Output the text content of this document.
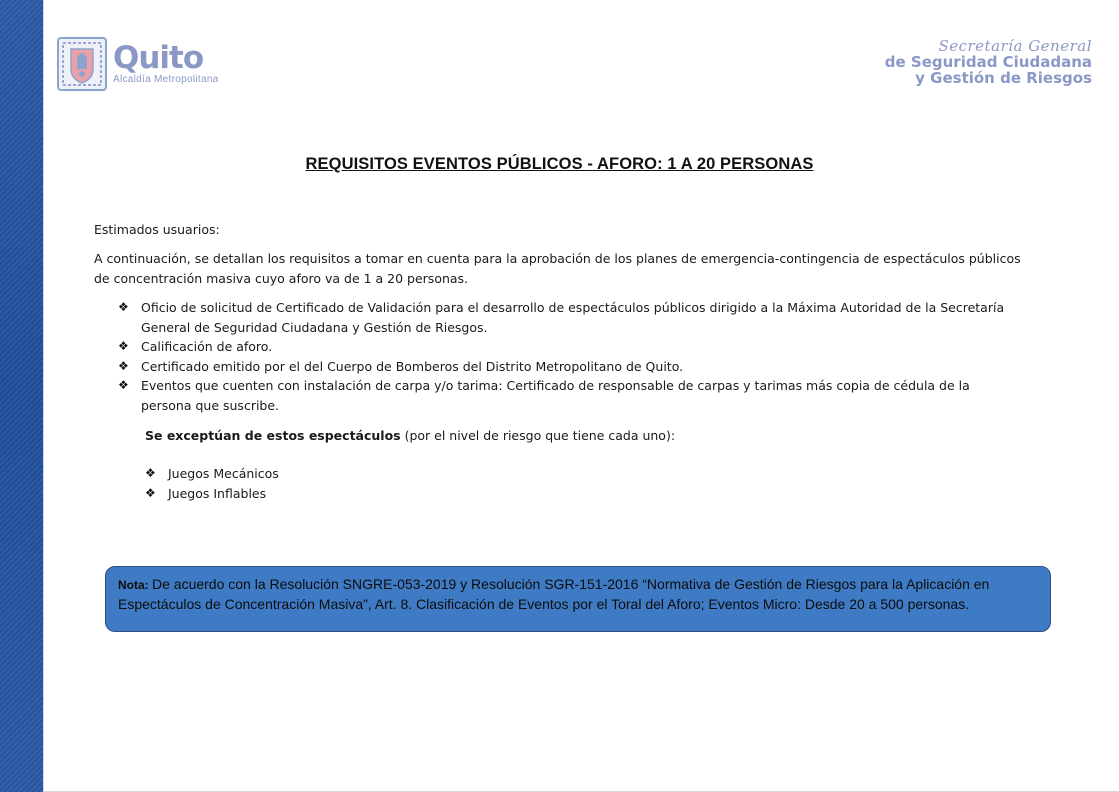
Quito
Alcaldía Metropolitana
Secretaría General
de Seguridad Ciudadana
y Gestión de Riesgos
REQUISITOS EVENTOS PÚBLICOS - AFORO: 1 A 20 PERSONAS
Estimados usuarios:
A continuación, se detallan los requisitos a tomar en cuenta para la aprobación de los planes de emergencia-contingencia de espectáculos públicos de concentración masiva cuyo aforo va de 1 a 20 personas.
❖ Oficio de solicitud de Certificado de Validación para el desarrollo de espectáculos públicos dirigido a la Máxima Autoridad de la Secretaría General de Seguridad Ciudadana y Gestión de Riesgos.
❖ Calificación de aforo.
❖ Certificado emitido por el del Cuerpo de Bomberos del Distrito Metropolitano de Quito.
❖ Eventos que cuenten con instalación de carpa y/o tarima: Certificado de responsable de carpas y tarimas más copia de cédula de la persona que suscribe.
Se exceptúan de estos espectáculos (por el nivel de riesgo que tiene cada uno):
❖ Juegos Mecánicos
❖ Juegos Inflables
Nota: De acuerdo con la Resolución SNGRE-053-2019 y Resolución SGR-151-2016 “Normativa de Gestión de Riesgos para la Aplicación en Espectáculos de Concentración Masiva”, Art. 8. Clasificación de Eventos por el Toral del Aforo; Eventos Micro: Desde 20 a 500 personas.
